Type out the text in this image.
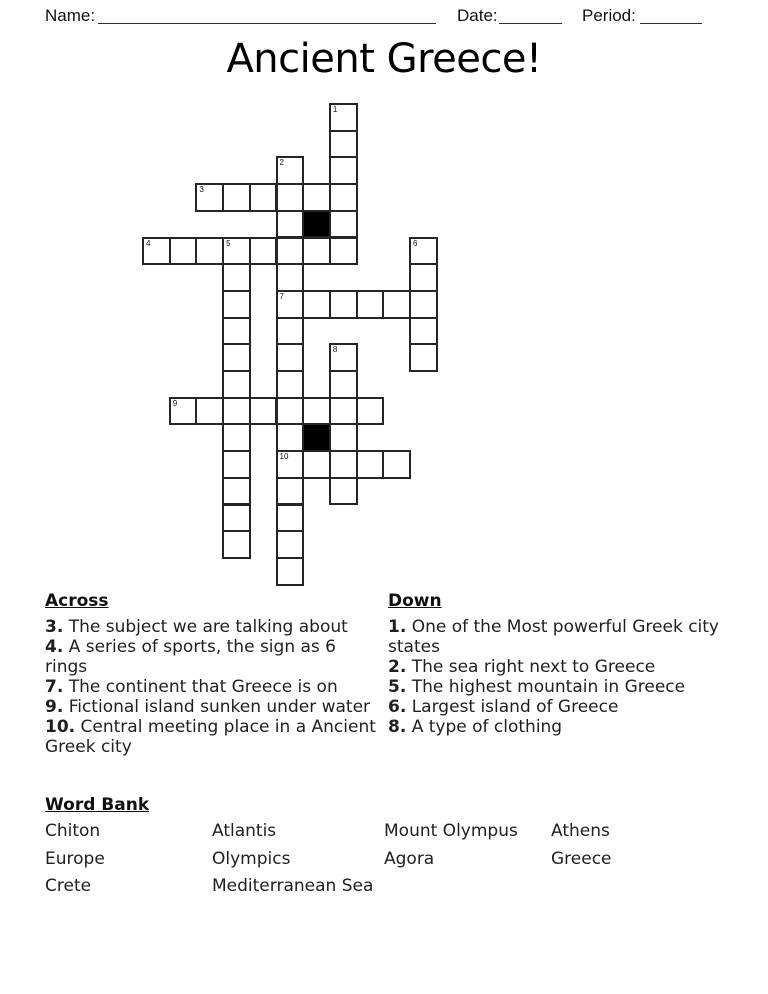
Name:	Date:	Period:
Ancient Greece!
1
2
3
4	5	6
7
8
9
10
Across
3. The subject we are talking about
4. A series of sports, the sign as 6 rings
7. The continent that Greece is on
9. Fictional island sunken under water
10. Central meeting place in a Ancient Greek city
Down
1. One of the Most powerful Greek city states
2. The sea right next to Greece
5. The highest mountain in Greece
6. Largest island of Greece
8. A type of clothing
Word Bank
Chiton
Europe
Crete
Atlantis
Olympics
Mediterranean Sea
Mount Olympus
Agora
Athens
Greece
